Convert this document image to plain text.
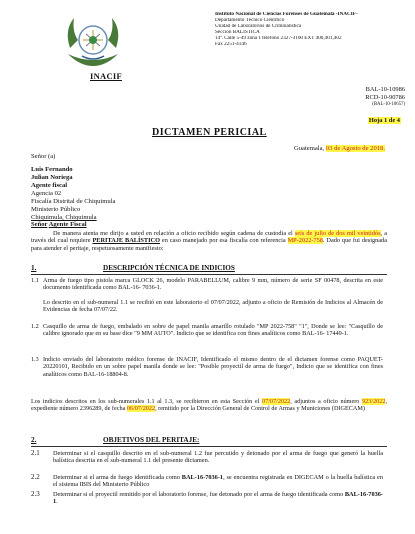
Instituto Nacional de Ciencias Forenses de Guatemala -INACIF-
Departamento Técnico Científico
Unidad de Laboratorios de Criminalística
Sección BALÍSTICA
14ª. Calle 5-49 zona 1 teléfono 2327-3100 EXT 400,401,402
Fax 2251-4146
INACIF
BAL-10-10986
RCD-10-90786
(BAL-10-10657)
Hoja 1 de 4
DICTAMEN PERICIAL
Guatemala, 03 de Agosto de 2018.
Señor (a)
Luis Fernando
Julian Noriega
Agente fiscal
Agencia 02
Fiscalía Distrital de Chiquimula
Ministerio Público
Chiquimula, Chiquimula
Señor Agente Fiscal
De manera atenta me dirijo a usted en relación a oficio recibido según cadena de custodia el seis de julio de dos mil veintidós, a través del cual requiere PERITAJE BALÍSTICO en caso manejado por esa fiscalía con referencia MP-2022-758. Dado que fui designada para atender el peritaje, respetuosamente manifiesto:
1.	DESCRIPCIÓN TÉCNICA DE INDICIOS
1.1 Arma de fuego tipo pistola marca GLOCK 26, modelo PARABELLUM, calibre 9 mm, número de serie SF 00478, descrita en este documento identificada como BAL-16- 7036-1.
Lo descrito en el sub-numeral 1.1 se recibió en este laboratorio el 07/07/2022, adjunto a oficio de Remisión de Indicios al Almacén de Evidencias de fecha 07/07/22.
1.2 Casquillo de arma de fuego, embalado en sobre de papel manila amarillo rotulado "MP 2022-758" "1", Donde se lee: "Casquillo de calibre ignorado que en su base dice "9 MM AUTO". Indicio que se identifica con fines analíticos como BAL-16- 17449-1.
1.3 Indicio enviado del laboratorio médico forense de INACIF, Identificado el mismo dentro de el dictamen forense como PAQUET-20220101, Recibido en un sobre papel manila donde se lee: "Posible proyectil de arma de fuego", Indicio que se identifica con fines analíticos como BAL-16-18804-8.
Los indicios descritos en los sub-numerales 1.1 al 1.3, se recibieron en esta Sección el 07/07/2022, adjuntos a oficio número 923/2022, expediente número 2396289, de fecha 06/07/2022, remitido por la Dirección General de Control de Armas y Municiones (DIGECAM)
2.	OBJETIVOS DEL PERITAJE:
2.1 Determinar si el casquillo descrito en el sub-numeral 1.2 fue percutido y detonado por el arma de fuego que generó la huella balística descrita en el sub-numeral 1.1 del presente dictamen.
2.2 Determinar si el arma de fuego identificada como BAL-16-7036-1, se encuentra registrada en DIGECAM o la huella balística en el sistema IBIS del Ministerio Público
2.3 Determinar si el proyectil remitido por el laboratorio forense, fue detonado por el arma de fuego identificada como BAL-16-7036-1.
